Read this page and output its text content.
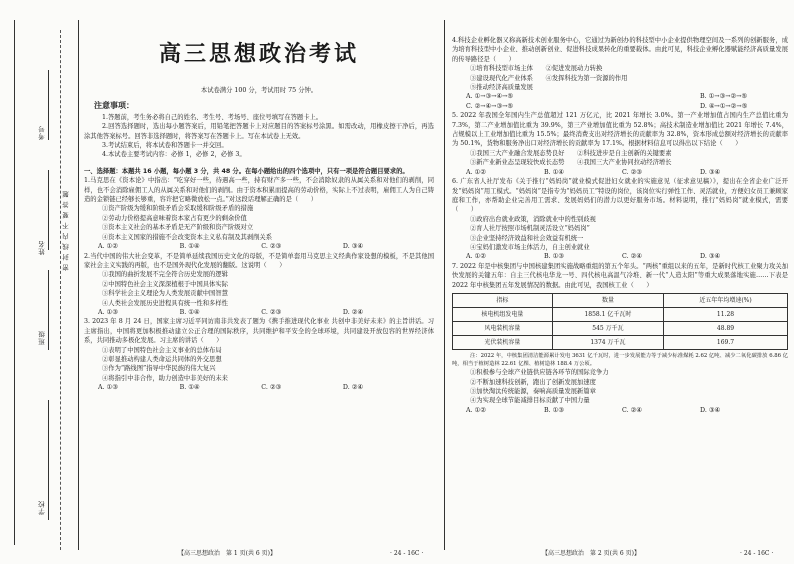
考号
姓名
班级
学校
密 封 线 内 不 要 答 题
高三思想政治考试

本试卷满分 100 分，考试用时 75 分钟。

注意事项：

1.答题前，考生务必将自己的姓名、考生号、考场号、座位号填写在答题卡上。

2.回答选择题时，选出每小题答案后，用铅笔把答题卡上对应题目的答案标号涂黑。如需改动，用橡皮擦干净后，再选涂其他答案标号。回答非选择题时，将答案写在答题卡上。写在本试卷上无效。

3.考试结束后，将本试卷和答题卡一并交回。

4.本试卷主要考试内容：必修 1，必修 2，必修 3。

一、选择题：本题共 16 小题，每小题 3 分，共 48 分。在每小题给出的四个选项中，只有一项是符合题目要求的。

1.马克思在《资本论》中指出：“吃穿好一些，待遇高一些，持有财产多一些，不会消除奴隶的从属关系和对他们的剥削，同样，也不会消除雇佣工人的从属关系和对他们的剥削。由于资本积累而提高的劳动价格，实际上不过表明，雇佣工人为自己铸造的金锁链已经够长够重，容许把它略微放松一点。”对这段话理解正确的是（　　）

①资产阶级为缓和阶级矛盾会采取缓和阶级矛盾的措施

②劳动力价格提高意味着资本家占有更少的剩余价值

③资本主义社会的基本矛盾是无产阶级和资产阶级对立

④资本主义国家的措施不会改变资本主义私有制及其剥削关系

A. ①②	B. ①④	C. ②③	D. ③④

2.当代中国的伟大社会变革，不是简单延续我国历史文化的母版，不是简单套用马克思主义经典作家设想的模板，不是其他国家社会主义实践的再版，也不是国外现代化发展的翻版。这说明（　　）

①我国的曲折发展不完全符合历史发展的逻辑

②中国特色社会主义深深植根于中国具体实际

③科学社会主义理论为人类发展贡献中国智慧

④人类社会发展历史进程具有统一性和多样性

A. ①③	B. ①④	C. ②③	D. ②④

3. 2023 年 8 月 24 日，国家主席习近平同访南非共发表了题为《携手推进现代化事业 共创中非美好未来》的主旨讲话。习主席指出，中国将更加积极推动建立公正合理的国际秩序，共同维护和平安全的全球环境，共同建设开放包容的世界经济体系，共同推动多极化发展。习主席的讲话（　　）

①表明了中国特色社会主义事业的总体布局

②彰显推动构建人类命运共同体的外交思想

③作为“路线图”指导中华民族的伟大复兴

④将指引中非合作，助力创造中非美好的未来

A. ①③	B. ①④	C. ②③	D. ②④

4.科技企业孵化器又称高新技术创业服务中心，它通过为新创办的科技型中小企业提供物理空间及一系列的创新服务，成为培育科技型中小企业、推动创新创业、促进科技成果转化的重要载体。由此可见，科技企业孵化器赋能经济高质量发展的传导路径是（　　）

①培育科技型市场主体　　②促进发展动力转换

③建设现代化产业体系　　④发挥科技为第一资源的作用

⑤推动经济高质量发展

A. ①→③→④→⑤	B. ①→③→②→⑤
C. ②→④→③→⑤	D. ④→①→②→⑤

5. 2022 年我国全年国内生产总值超过 121 万亿元，比 2021 年增长 3.0%。第一产业增加值占国内生产总值比重为 7.3%，第二产业增加值比重为 39.9%，第三产业增加值比重为 52.8%；高技术制造业增加值比 2021 年增长 7.4%，占规模以上工业增加值比重为 15.5%；最终消费支出对经济增长的贡献率为 32.8%，资本形成总额对经济增长的贡献率为 50.1%，货物和服务净出口对经济增长的贡献率为 17.1%。根据材料信息可以得出以下结论（　　）

①我国三大产业融合发展态势良好　　②科技进步是自主创新的关键要素

③新产业新业态呈现较快成长态势　　④我国三大产业协同拉动经济增长

A. ①②	B. ①④	C. ②③	D. ③④

6. 广东省人社厅发布《关于推行“妈妈岗”就业模式促进妇女就业的实施意见（征求意见稿）》，提出在全省企业广泛开发“妈妈岗”用工模式。“妈妈岗”是指专为“妈妈员工”特设的岗位，该岗位实行弹性工作、灵活就业，方便妇女员工兼顾家庭和工作，亦帮助企业完善用工需求、发展妈妈们的潜力以更好服务市场。材料说明，推行“妈妈岗”就业模式，需要（　　）

①政府出台就业政策，消除就业中的性别歧视

②育人社厅按照市场机制灵活设立“妈妈岗”

③企业坚持经济效益和社会效益有机统一

④宝妈们激发市场主体活力，自主创业就业

A. ①②	B. ①③	C. ②④	D. ③④

7. 2022 年是中核集团与中国核建集团实施战略重组的第五个年头。“两核”重组以来的五年，是新时代核工业聚力攻关加快发展的关键五年：自主三代核电华龙一号、四代核电高温气冷堆、新一代“人造太阳”等重大成果落地实施……下表是 2022 年中核集团五年发展情况的数据。由此可见，我国核工业（　　）

指标	数量	近五年年均增速(%)
核电机组发电量	1858.1 亿千瓦时	11.28
风电装机容量	545 万千瓦	48.89
光伏装机容量	1374 万千瓦	169.7

注：2022 年，中核集团清洁能源累计发电 3631 亿千瓦时，进一步发展能力等于减少标准煤耗 2.62 亿吨、减少二氧化碳排放 6.86 亿吨，相当于植树造林 22.61 亿棵、植树造林 188.4 万公顷。

①积极参与全球产业链供应链各环节的国际竞争力

②不断加速科技创新，跑出了创新发展加速度

③加快淘汰传统能源，奏响高质量发展新篇章

④为实现全球节能减排目标贡献了中国力量

A. ①②	B. ①③	C. ②④	D. ③④
【高三思想政治　第 1 页(共 6 页)】	· 24 - 16C ·	【高三思想政治　第 2 页(共 6 页)】	· 24 - 16C ·
